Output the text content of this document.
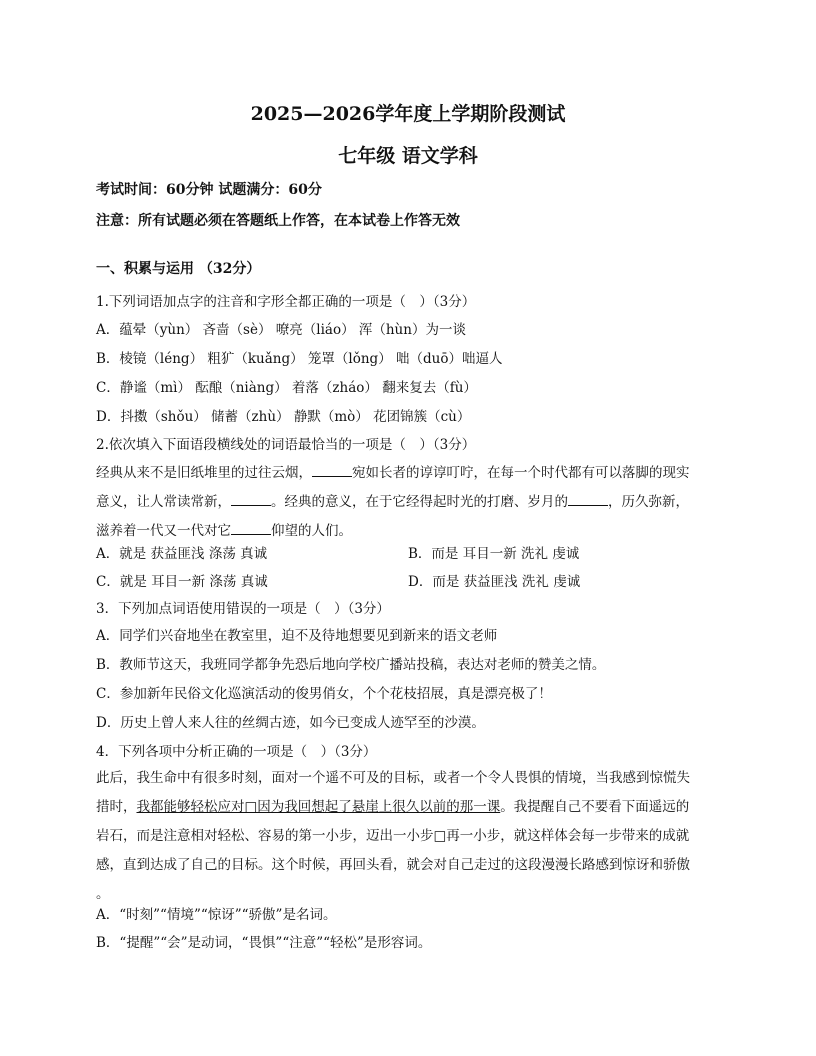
2025—2026学年度上学期阶段测试
七年级 语文学科
考试时间：60分钟 试题满分：60分
注意：所有试题必须在答题纸上作答，在本试卷上作答无效
一、积累与运用 （32分）
1.下列词语加点字的注音和字形全都正确的一项是（　）（3分）
A．蕴晕（yùn） 吝啬（sè） 嘹亮（liáo） 浑（hùn）为一谈
B．棱镜（léng） 粗犷（kuǎng） 笼罩（lǒng） 咄（duō）咄逼人
C．静谧（mì） 酝酿（niàng） 着落（zháo） 翻来复去（fù）
D．抖擞（shǒu） 储蓄（zhù） 静默（mò） 花团锦簇（cù）
2.依次填入下面语段横线处的词语最恰当的一项是（　）（3分）
经典从来不是旧纸堆里的过往云烟，	宛如长者的谆谆叮咛，在每一个时代都有可以落脚的现实
意义，让人常读常新，	。经典的意义，在于它经得起时光的打磨、岁月的	，历久弥新，
滋养着一代又一代对它	仰望的人们。
A．就是 获益匪浅 涤荡 真诚	B．而是 耳目一新 洗礼 虔诚
C．就是 耳目一新 涤荡 真诚	D．而是 获益匪浅 洗礼 虔诚
3．下列加点词语使用错误的一项是（　）（3分）
A．同学们兴奋地坐在教室里，迫不及待地想要见到新来的语文老师
B．教师节这天，我班同学都争先恐后地向学校广播站投稿，表达对老师的赞美之情。
C．参加新年民俗文化巡演活动的俊男俏女，个个花枝招展，真是漂亮极了！
D．历史上曾人来人往的丝绸古迹，如今已变成人迹罕至的沙漠。
4．下列各项中分析正确的一项是（　）（3分）
此后，我生命中有很多时刻，面对一个遥不可及的目标，或者一个令人畏惧的情境，当我感到惊慌失
措时，我都能够轻松应对□因为我回想起了悬崖上很久以前的那一课。我提醒自己不要看下面遥远的
岩石，而是注意相对轻松、容易的第一小步，迈出一小步□再一小步，就这样体会每一步带来的成就
感，直到达成了自己的目标。这个时候，再回头看，就会对自己走过的这段漫漫长路感到惊讶和骄傲
。
A．“时刻”“情境”“惊讶”“骄傲”是名词。
B．“提醒”“会”是动词，“畏惧”“注意”“轻松”是形容词。
